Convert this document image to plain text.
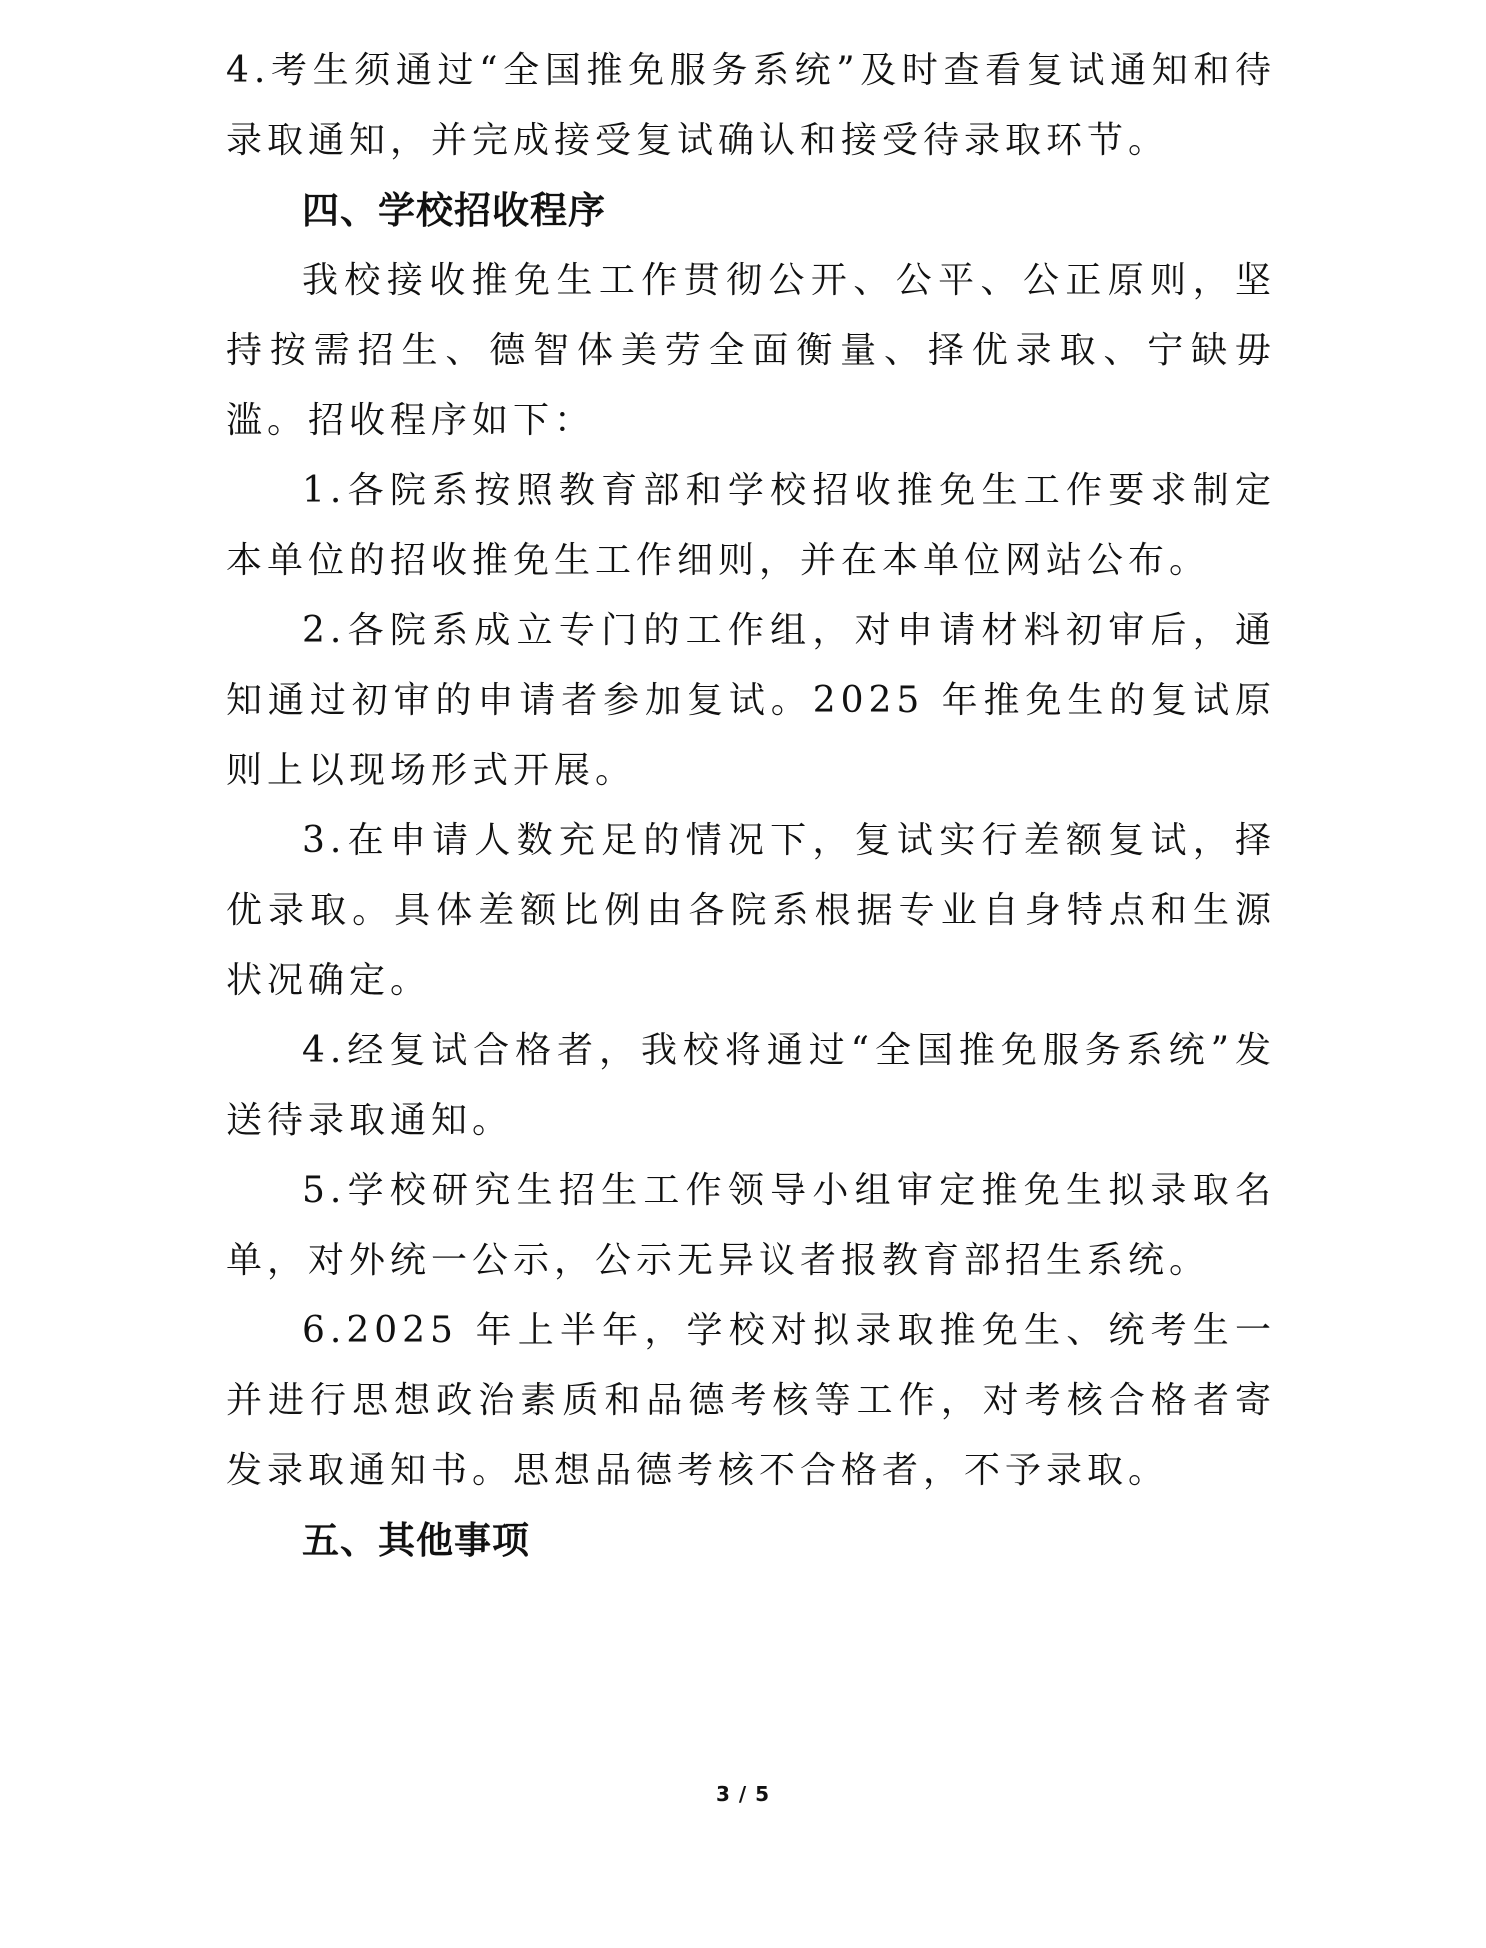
4.考生须通过“全国推免服务系统”及时查看复试通知和待录取通知，并完成接受复试确认和接受待录取环节。

四、学校招收程序

我校接收推免生工作贯彻公开、公平、公正原则，坚持按需招生、德智体美劳全面衡量、择优录取、宁缺毋滥。招收程序如下：

1.各院系按照教育部和学校招收推免生工作要求制定本单位的招收推免生工作细则，并在本单位网站公布。

2.各院系成立专门的工作组，对申请材料初审后，通知通过初审的申请者参加复试。2025 年推免生的复试原则上以现场形式开展。

3.在申请人数充足的情况下，复试实行差额复试，择优录取。具体差额比例由各院系根据专业自身特点和生源状况确定。

4.经复试合格者，我校将通过“全国推免服务系统”发送待录取通知。

5.学校研究生招生工作领导小组审定推免生拟录取名单，对外统一公示，公示无异议者报教育部招生系统。

6.2025 年上半年，学校对拟录取推免生、统考生一并进行思想政治素质和品德考核等工作，对考核合格者寄发录取通知书。思想品德考核不合格者，不予录取。

五、其他事项
3 / 5
